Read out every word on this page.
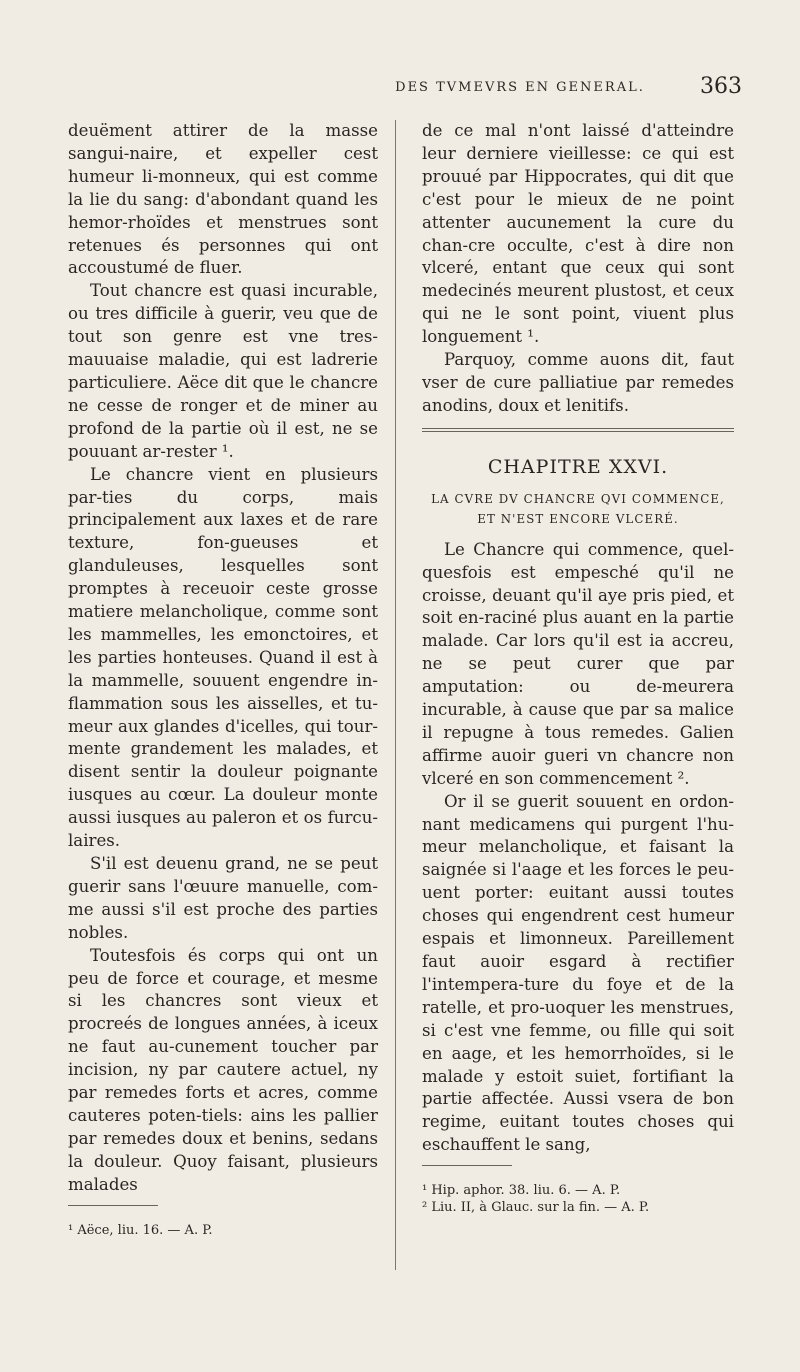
DES TVMEVRS EN GENERAL.	363

deuëment attirer de la masse sangui-naire, et expeller cest humeur li-monneux, qui est comme la lie du sang: d'abondant quand les hemor-rhoïdes et menstrues sont retenues és personnes qui ont accoustumé de fluer.

Tout chancre est quasi incurable, ou tres difficile à guerir, veu que de tout son genre est vne tres-mauuaise maladie, qui est ladrerie particuliere. Aëce dit que le chancre ne cesse de ronger et de miner au profond de la partie où il est, ne se pouuant ar-rester ¹.

Le chancre vient en plusieurs par-ties du corps, mais principalement aux laxes et de rare texture, fon-gueuses et glanduleuses, lesquelles sont promptes à receuoir ceste grosse matiere melancholique, comme sont les mammelles, les emonctoires, et les parties honteuses. Quand il est à la mammelle, souuent engendre in-flammation sous les aisselles, et tu-meur aux glandes d'icelles, qui tour-mente grandement les malades, et disent sentir la douleur poignante iusques au cœur. La douleur monte aussi iusques au paleron et os furcu-laires.

S'il est deuenu grand, ne se peut guerir sans l'œuure manuelle, com-me aussi s'il est proche des parties nobles.

Toutesfois és corps qui ont un peu de force et courage, et mesme si les chancres sont vieux et procreés de longues années, à iceux ne faut au-cunement toucher par incision, ny par cautere actuel, ny par remedes forts et acres, comme cauteres poten-tiels: ains les pallier par remedes doux et benins, sedans la douleur. Quoy faisant, plusieurs malades

¹ Aëce, liu. 16. — A. P.

de ce mal n'ont laissé d'atteindre leur derniere vieillesse: ce qui est prouué par Hippocrates, qui dit que c'est pour le mieux de ne point attenter aucunement la cure du chan-cre occulte, c'est à dire non vlceré, entant que ceux qui sont medecinés meurent plustost, et ceux qui ne le sont point, viuent plus longuement ¹.

Parquoy, comme auons dit, faut vser de cure palliatiue par remedes anodins, doux et lenitifs.

CHAPITRE XXVI.
LA CVRE DV CHANCRE QVI COMMENCE, ET N'EST ENCORE VLCERÉ.

Le Chancre qui commence, quel-quesfois est empesché qu'il ne croisse, deuant qu'il aye pris pied, et soit en-raciné plus auant en la partie malade. Car lors qu'il est ia accreu, ne se peut curer que par amputation: ou de-meurera incurable, à cause que par sa malice il repugne à tous remedes. Galien affirme auoir gueri vn chancre non vlceré en son commencement ².

Or il se guerit souuent en ordon-nant medicamens qui purgent l'hu-meur melancholique, et faisant la saignée si l'aage et les forces le peu-uent porter: euitant aussi toutes choses qui engendrent cest humeur espais et limonneux. Pareillement faut auoir esgard à rectifier l'intempera-ture du foye et de la ratelle, et pro-uoquer les menstrues, si c'est vne femme, ou fille qui soit en aage, et les hemorrhoïdes, si le malade y estoit suiet, fortifiant la partie affectée. Aussi vsera de bon regime, euitant toutes choses qui eschauffent le sang,

¹ Hip. aphor. 38. liu. 6. — A. P.

² Liu. II, à Glauc. sur la fin. — A. P.
